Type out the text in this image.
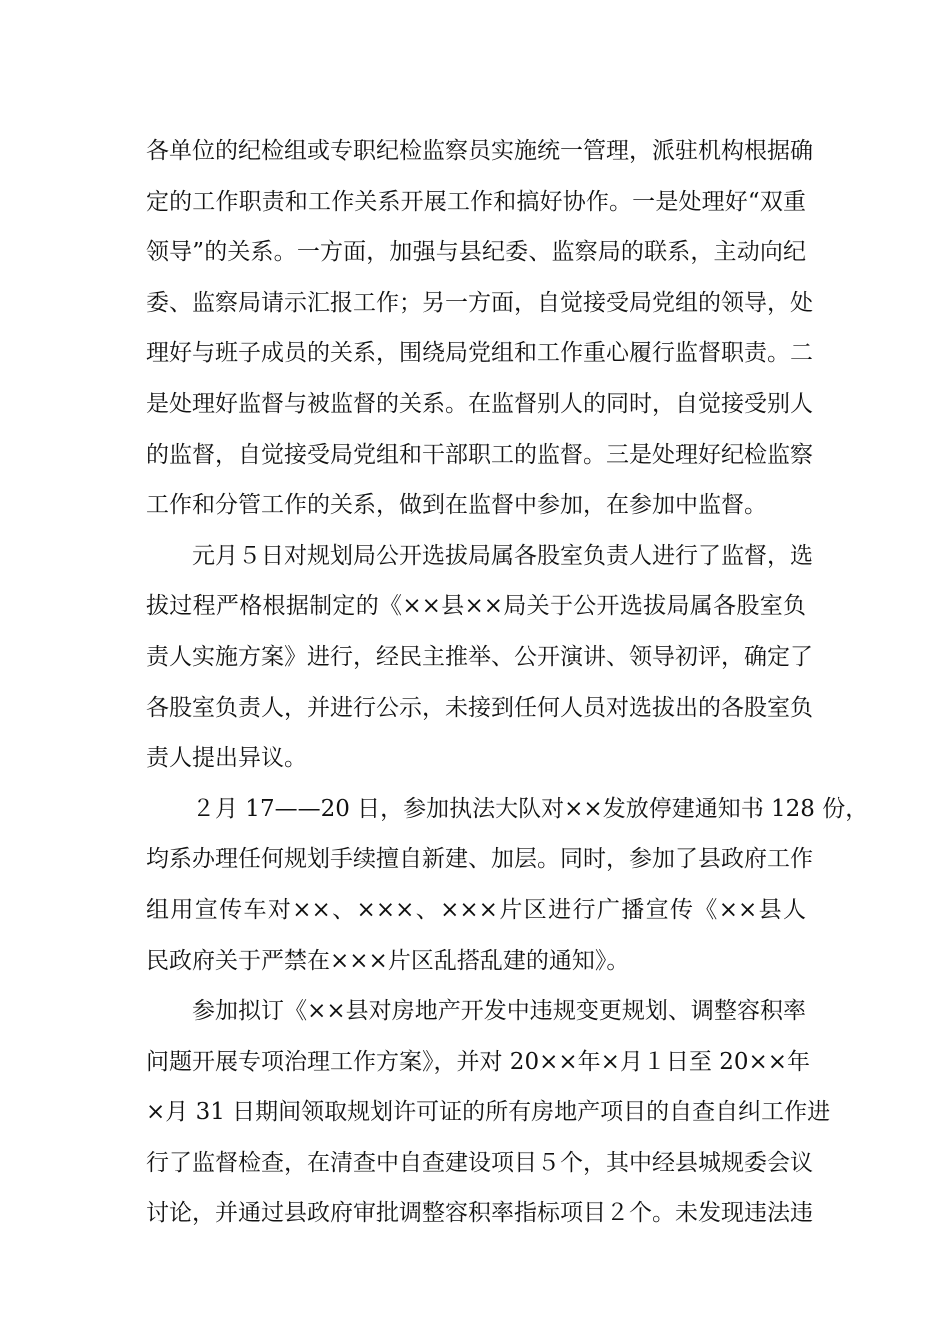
各单位的纪检组或专职纪检监察员实施统一管理，派驻机构根据确
定的工作职责和工作关系开展工作和搞好协作。一是处理好“双重
领导”的关系。一方面，加强与县纪委、监察局的联系，主动向纪
委、监察局请示汇报工作；另一方面，自觉接受局党组的领导，处
理好与班子成员的关系，围绕局党组和工作重心履行监督职责。二
是处理好监督与被监督的关系。在监督别人的同时，自觉接受别人
的监督，自觉接受局党组和干部职工的监督。三是处理好纪检监察
工作和分管工作的关系，做到在监督中参加，在参加中监督。
元月５日对规划局公开选拔局属各股室负责人进行了监督，选
拔过程严格根据制定的《××县××局关于公开选拔局属各股室负
责人实施方案》进行，经民主推举、公开演讲、领导初评，确定了
各股室负责人，并进行公示，未接到任何人员对选拔出的各股室负
责人提出异议。
２月 17——20 日，参加执法大队对××发放停建通知书 128 份，
均系办理任何规划手续擅自新建、加层。同时，参加了县政府工作
组用宣传车对××、×××、×××片区进行广播宣传《××县人
民政府关于严禁在×××片区乱搭乱建的通知》。
参加拟订《××县对房地产开发中违规变更规划、调整容积率
问题开展专项治理工作方案》，并对 20××年×月１日至 20××年
×月 31 日期间领取规划许可证的所有房地产项目的自查自纠工作进
行了监督检查，在清查中自查建设项目５个，其中经县城规委会议
讨论，并通过县政府审批调整容积率指标项目２个。未发现违法违
